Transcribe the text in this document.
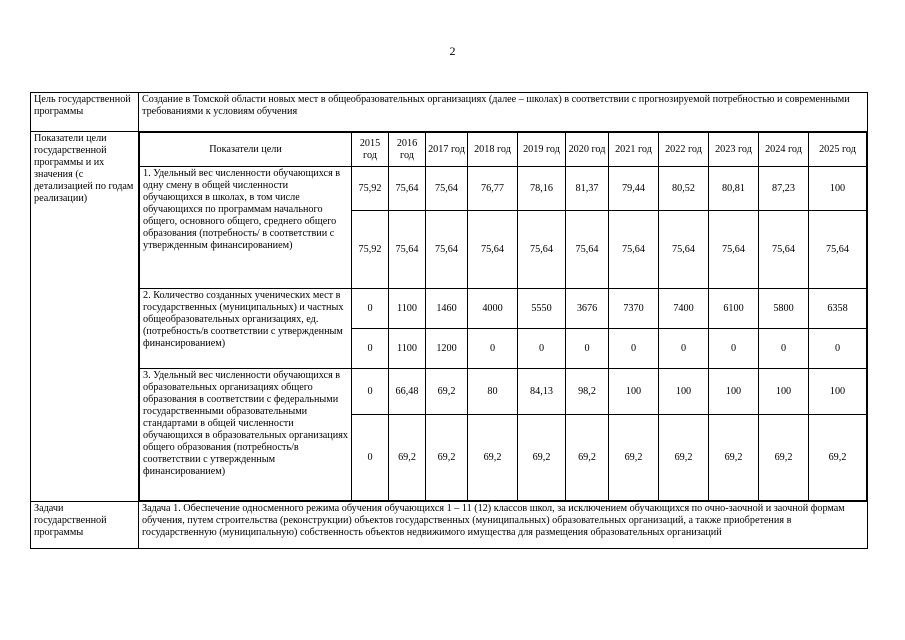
2
Цель государственной программы	Создание в Томской области новых мест в общеобразовательных организациях (далее – школах) в соответствии с прогнозируемой потребностью и современными требованиями к условиям обучения
Показатели цели государственной программы и их значения (с детализацией по годам реализации)	
Показатели цели	2015 год	2016 год	2017 год	2018 год	2019 год	2020 год	2021 год	2022 год	2023 год	2024 год	2025 год
1. Удельный вес численности обучающихся в одну смену в общей численности обучающихся в школах, в том числе обучающихся по программам начального общего, основного общего, среднего общего образования (потребность/ в соответствии с утвержденным финансированием)	75,92	75,64	75,64	76,77	78,16	81,37	79,44	80,52	80,81	87,23	100
75,92	75,64	75,64	75,64	75,64	75,64	75,64	75,64	75,64	75,64	75,64
2. Количество созданных ученических мест в государственных (муниципальных) и частных общеобразовательных организациях, ед. (потребность/в соответствии с утвержденным финансированием)	0	1100	1460	4000	5550	3676	7370	7400	6100	5800	6358
0	1100	1200	0	0	0	0	0	0	0	0
3. Удельный вес численности обучающихся в образовательных организациях общего образования в соответствии с федеральными государственными образовательными стандартами в общей численности обучающихся в образовательных организациях общего образования (потребность/в соответствии с утвержденным финансированием)	0	66,48	69,2	80	84,13	98,2	100	100	100	100	100
0	69,2	69,2	69,2	69,2	69,2	69,2	69,2	69,2	69,2	69,2

Задачи государственной программы	Задача 1. Обеспечение односменного режима обучения обучающихся 1 – 11 (12) классов школ, за исключением обучающихся по очно-заочной и заочной формам обучения, путем строительства (реконструкции) объектов государственных (муниципальных) образовательных организаций, а также приобретения в государственную (муниципальную) собственность объектов недвижимого имущества для размещения образовательных организаций
